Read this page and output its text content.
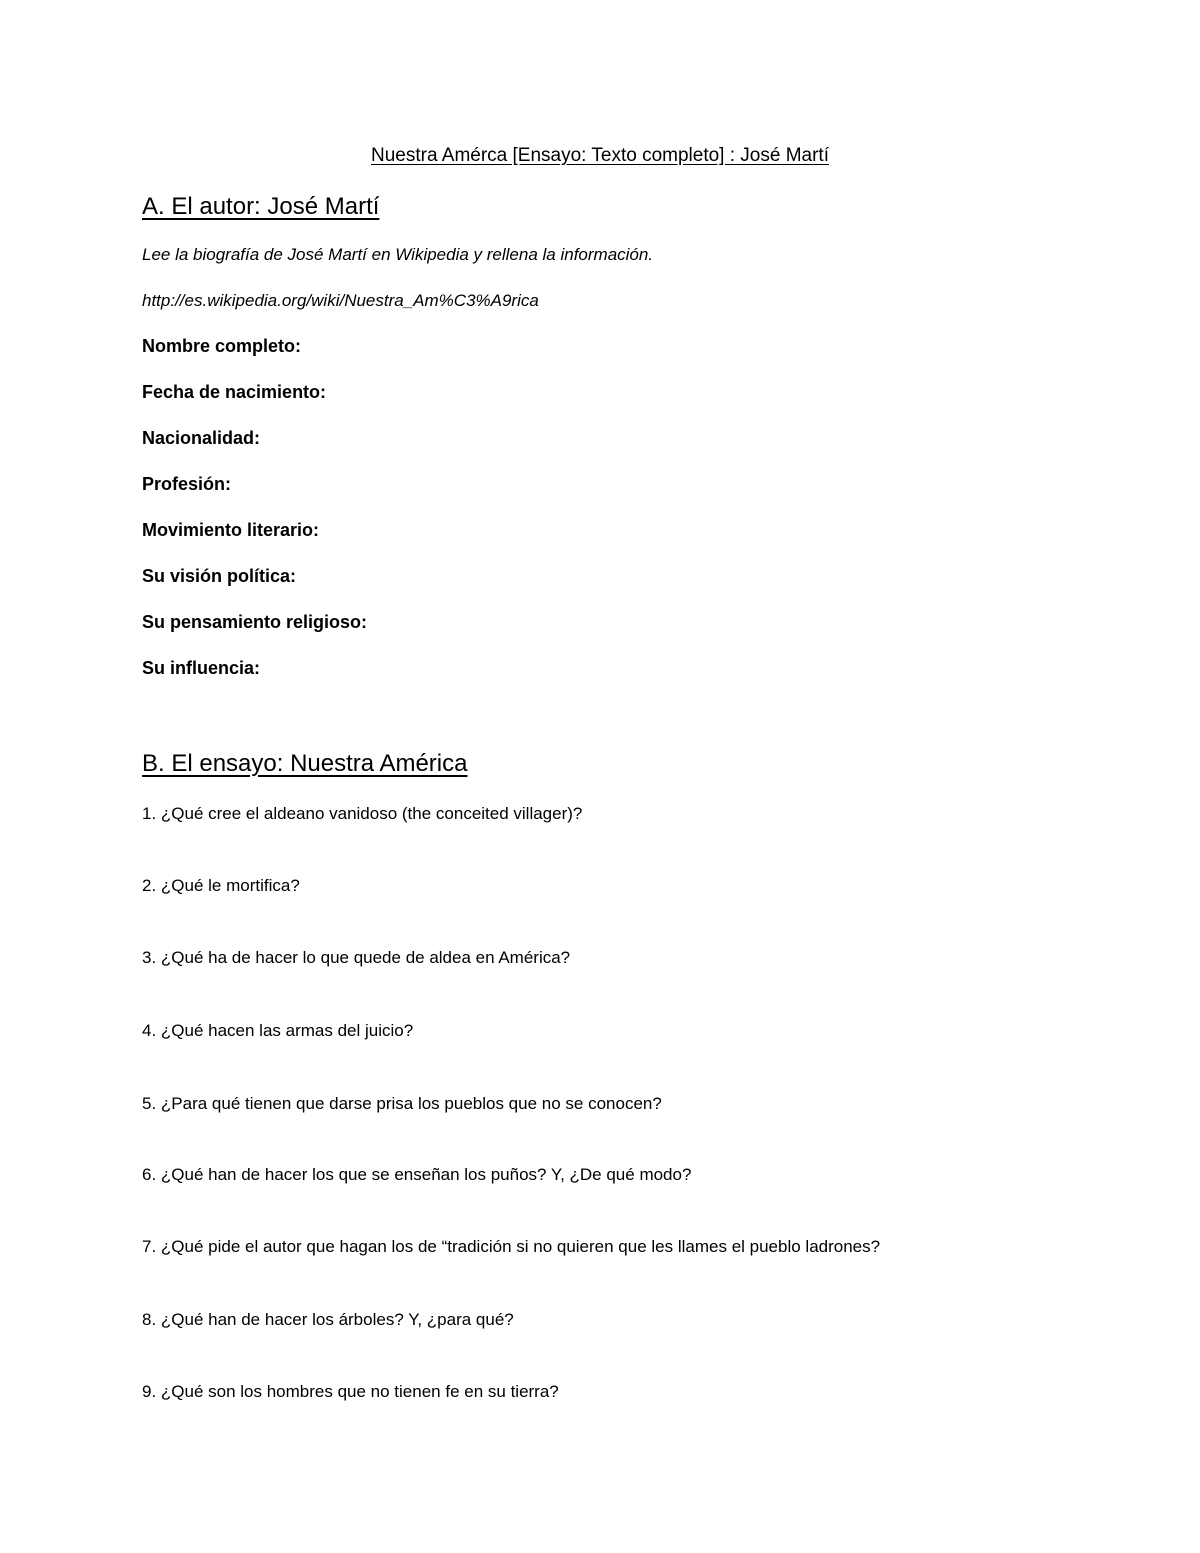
Nuestra Amérca [Ensayo: Texto completo] : José Martí

A. El autor: José Martí

Lee la biografía de José Martí en Wikipedia y rellena la información.

http://es.wikipedia.org/wiki/Nuestra_Am%C3%A9rica

Nombre completo:

Fecha de nacimiento:

Nacionalidad:

Profesión:

Movimiento literario:

Su visión política:

Su pensamiento religioso:

Su influencia:

B. El ensayo: Nuestra América

1. ¿Qué cree el aldeano vanidoso (the conceited villager)?

2. ¿Qué le mortifica?

3. ¿Qué ha de hacer lo que quede de aldea en América?

4. ¿Qué hacen las armas del juicio?

5. ¿Para qué tienen que darse prisa los pueblos que no se conocen?

6. ¿Qué han de hacer los que se enseñan los puños? Y, ¿De qué modo?

7. ¿Qué pide el autor que hagan los de “tradición si no quieren que les llames el pueblo ladrones?

8. ¿Qué han de hacer los árboles? Y, ¿para qué?

9. ¿Qué son los hombres que no tienen fe en su tierra?
